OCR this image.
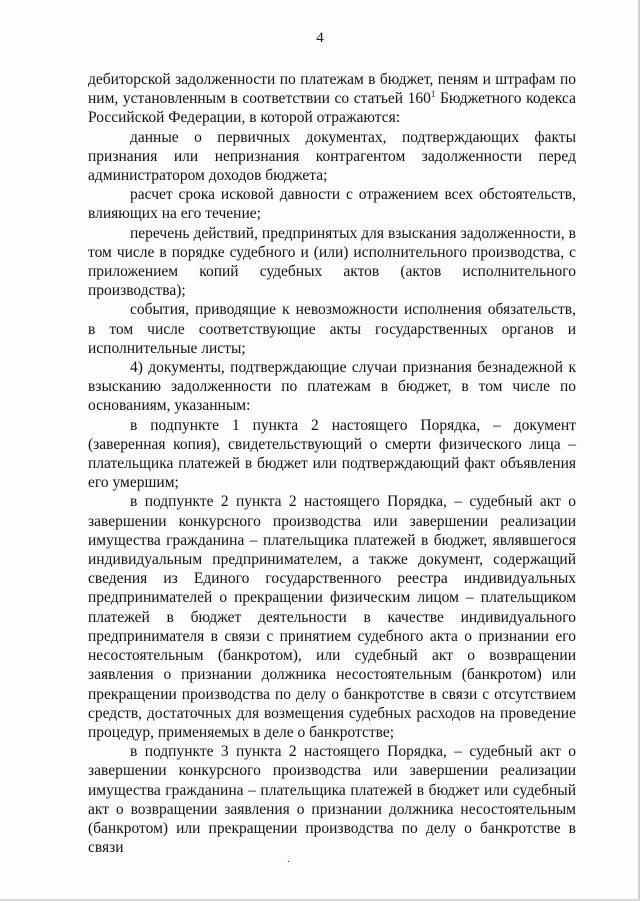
4

дебиторской задолженности по платежам в бюджет, пеням и штрафам по ним, установленным в соответствии со статьей $160^1$ Бюджетного кодекса Российской Федерации, в которой отражаются:

данные о первичных документах, подтверждающих факты признания или непризнания контрагентом задолженности перед администратором доходов бюджета;

расчет срока исковой давности с отражением всех обстоятельств, влияющих на его течение;

перечень действий, предпринятых для взыскания задолженности, в том числе в порядке судебного и (или) исполнительного производства, с приложением копий судебных актов (актов исполнительного производства);

события, приводящие к невозможности исполнения обязательств, в том числе соответствующие акты государственных органов и исполнительные листы;

4) документы, подтверждающие случаи признания безнадежной к взысканию задолженности по платежам в бюджет, в том числе по основаниям, указанным:

в подпункте 1 пункта 2 настоящего Порядка, – документ (заверенная копия), свидетельствующий о смерти физического лица – плательщика платежей в бюджет или подтверждающий факт объявления его умершим;

в подпункте 2 пункта 2 настоящего Порядка, – судебный акт о завершении конкурсного производства или завершении реализации имущества гражданина – плательщика платежей в бюджет, являвшегося индивидуальным предпринимателем, а также документ, содержащий сведения из Единого государственного реестра индивидуальных предпринимателей о прекращении физическим лицом – плательщиком платежей в бюджет деятельности в качестве индивидуального предпринимателя в связи с принятием судебного акта о признании его несостоятельным (банкротом), или судебный акт о возвращении заявления о признании должника несостоятельным (банкротом) или прекращении производства по делу о банкротстве в связи с отсутствием средств, достаточных для возмещения судебных расходов на проведение процедур, применяемых в деле о банкротстве;

в подпункте 3 пункта 2 настоящего Порядка, – судебный акт о завершении конкурсного производства или завершении реализации имущества гражданина – плательщика платежей в бюджет или судебный акт о возвращении заявления о признании должника несостоятельным (банкротом) или прекращении производства по делу о банкротстве в связи

.
